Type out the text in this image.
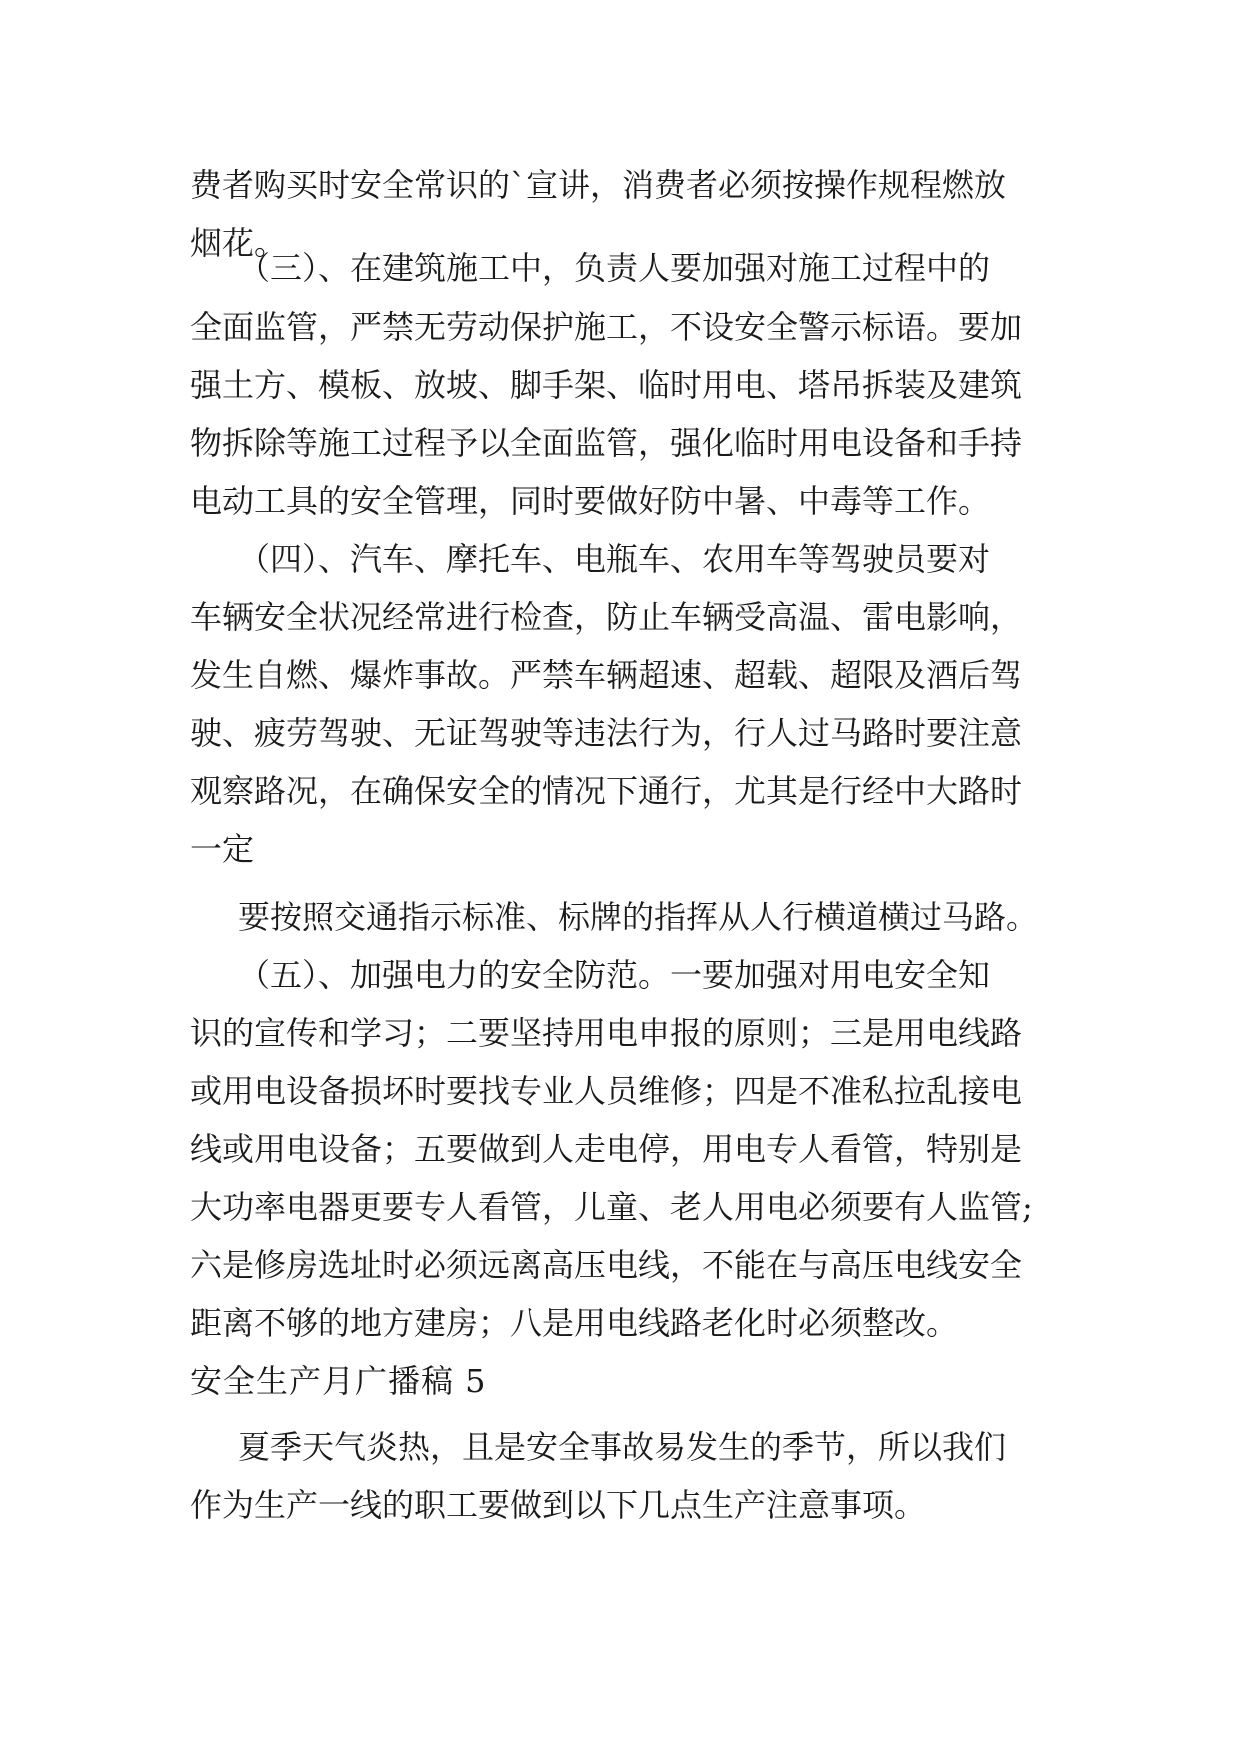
费者购买时安全常识的`宣讲，消费者必须按操作规程燃放
烟花。
（三）、在建筑施工中，负责人要加强对施工过程中的
全面监管，严禁无劳动保护施工，不设安全警示标语。要加
强土方、模板、放坡、脚手架、临时用电、塔吊拆装及建筑
物拆除等施工过程予以全面监管，强化临时用电设备和手持
电动工具的安全管理，同时要做好防中暑、中毒等工作。
（四）、汽车、摩托车、电瓶车、农用车等驾驶员要对
车辆安全状况经常进行检查，防止车辆受高温、雷电影响，
发生自燃、爆炸事故。严禁车辆超速、超载、超限及酒后驾
驶、疲劳驾驶、无证驾驶等违法行为，行人过马路时要注意
观察路况，在确保安全的情况下通行，尤其是行经中大路时
一定
要按照交通指示标准、标牌的指挥从人行横道横过马路。
（五）、加强电力的安全防范。一要加强对用电安全知
识的宣传和学习；二要坚持用电申报的原则；三是用电线路
或用电设备损坏时要找专业人员维修；四是不准私拉乱接电
线或用电设备；五要做到人走电停，用电专人看管，特别是
大功率电器更要专人看管，儿童、老人用电必须要有人监管;
六是修房选址时必须远离高压电线，不能在与高压电线安全
距离不够的地方建房；八是用电线路老化时必须整改。
安全生产月广播稿 5
夏季天气炎热，且是安全事故易发生的季节，所以我们
作为生产一线的职工要做到以下几点生产注意事项。
